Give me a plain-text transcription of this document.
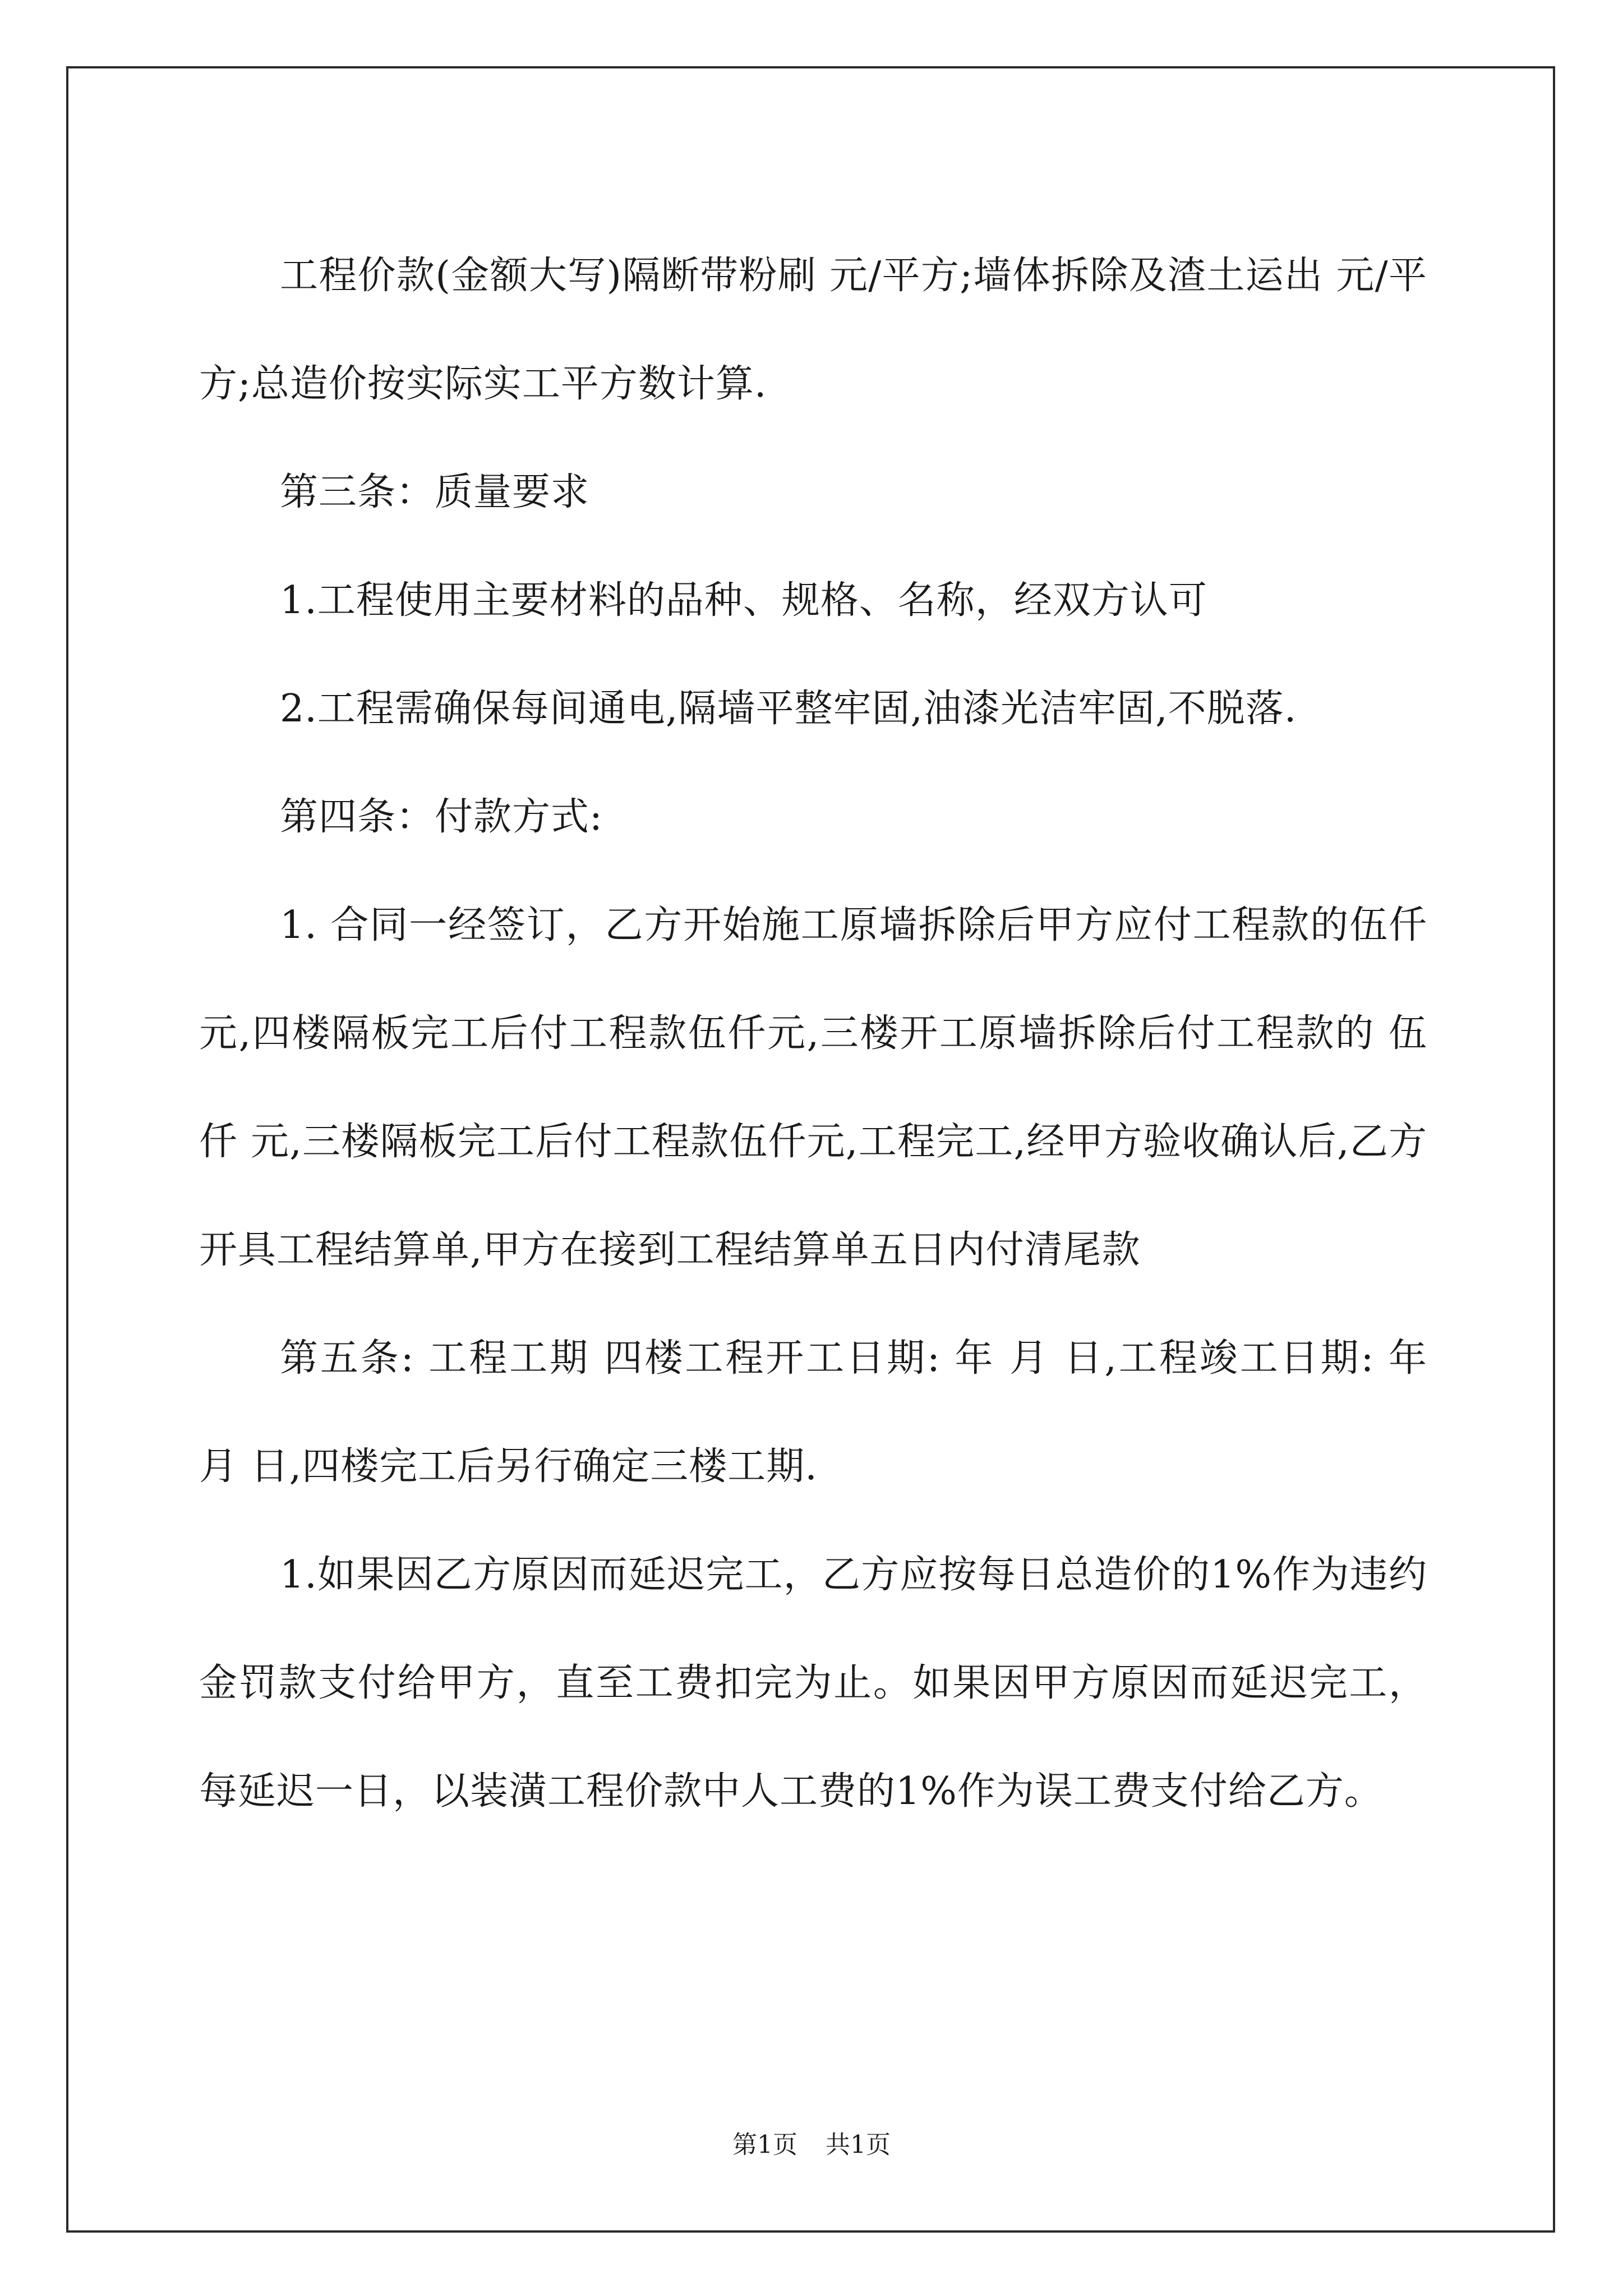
工程价款(金额大写)隔断带粉刷 元/平方;墙体拆除及渣土运出 元/平方;总造价按实际实工平方数计算.

第三条：质量要求

1.工程使用主要材料的品种、规格、名称，经双方认可

2.工程需确保每间通电,隔墙平整牢固,油漆光洁牢固,不脱落.

第四条：付款方式:

1. 合同一经签订，乙方开始施工原墙拆除后甲方应付工程款的伍仟 元,四楼隔板完工后付工程款伍仟元,三楼开工原墙拆除后付工程款的 伍仟 元,三楼隔板完工后付工程款伍仟元,工程完工,经甲方验收确认后,乙方开具工程结算单,甲方在接到工程结算单五日内付清尾款

第五条: 工程工期 四楼工程开工日期: 年 月 日,工程竣工日期: 年 月 日,四楼完工后另行确定三楼工期.

1.如果因乙方原因而延迟完工，乙方应按每日总造价的1%作为违约金罚款支付给甲方，直至工费扣完为止。如果因甲方原因而延迟完工，每延迟一日，以装潢工程价款中人工费的1%作为误工费支付给乙方。

第1页 共1页
